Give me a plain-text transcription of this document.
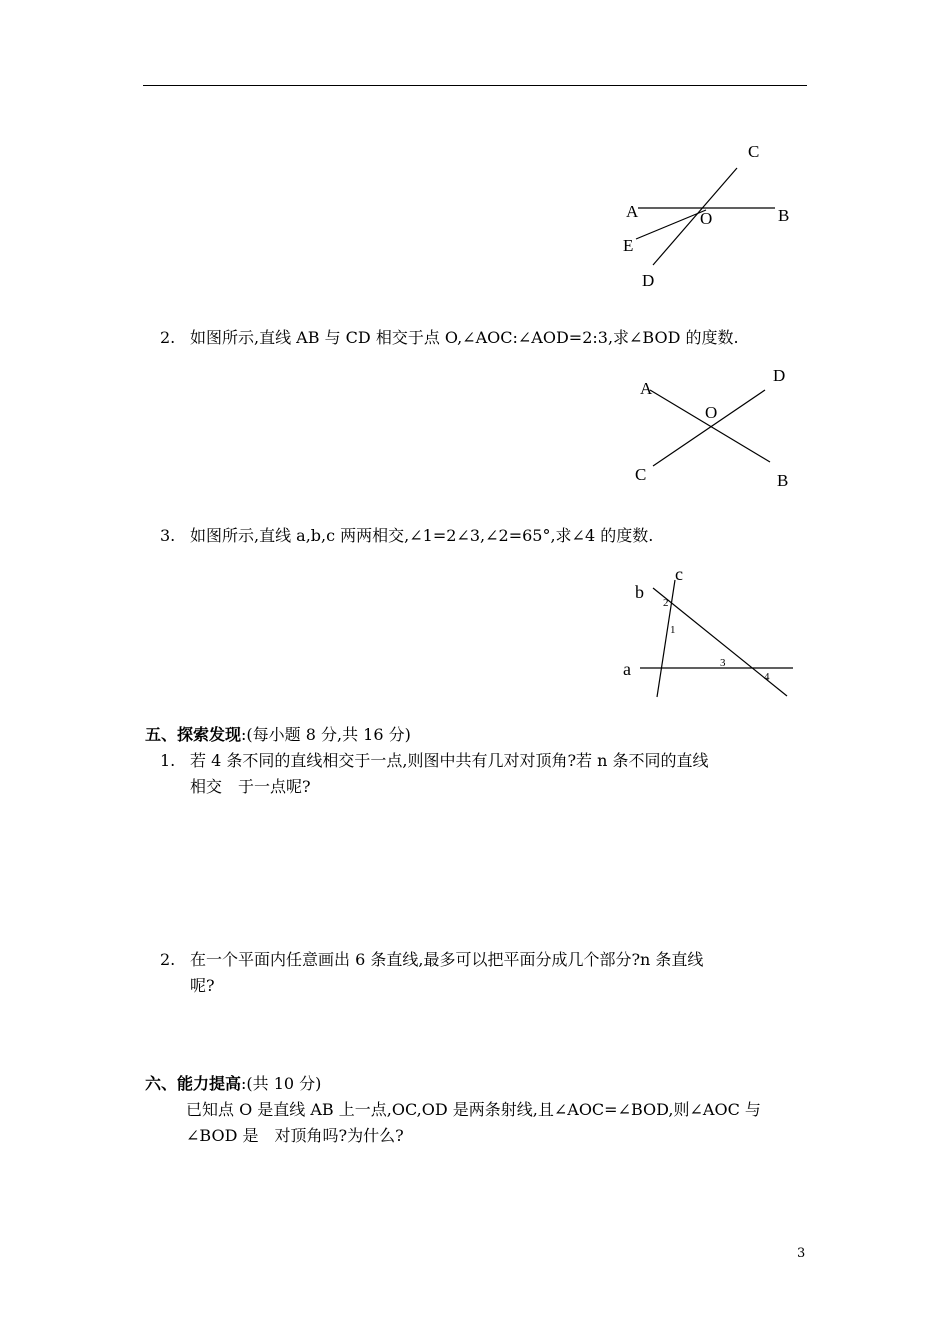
A	B
C
D
E
O
2. 如图所示,直线 AB 与 CD 相交于点 O,∠AOC:∠AOD=2:3,求∠BOD 的度数.
A
B
C
D
O
3. 如图所示,直线 a,b,c 两两相交,∠1=2∠3,∠2=65°,求∠4 的度数.
a
b
c
2
1
3
4
五、探索发现:(每小题 8 分,共 16 分)
1. 若 4 条不同的直线相交于一点,则图中共有几对对顶角?若 n 条不同的直线
相交　于一点呢?
2. 在一个平面内任意画出 6 条直线,最多可以把平面分成几个部分?n 条直线
呢?
六、能力提高:(共 10 分)
已知点 O 是直线 AB 上一点,OC,OD 是两条射线,且∠AOC=∠BOD,则∠AOC 与
∠BOD 是　对顶角吗?为什么?
3
